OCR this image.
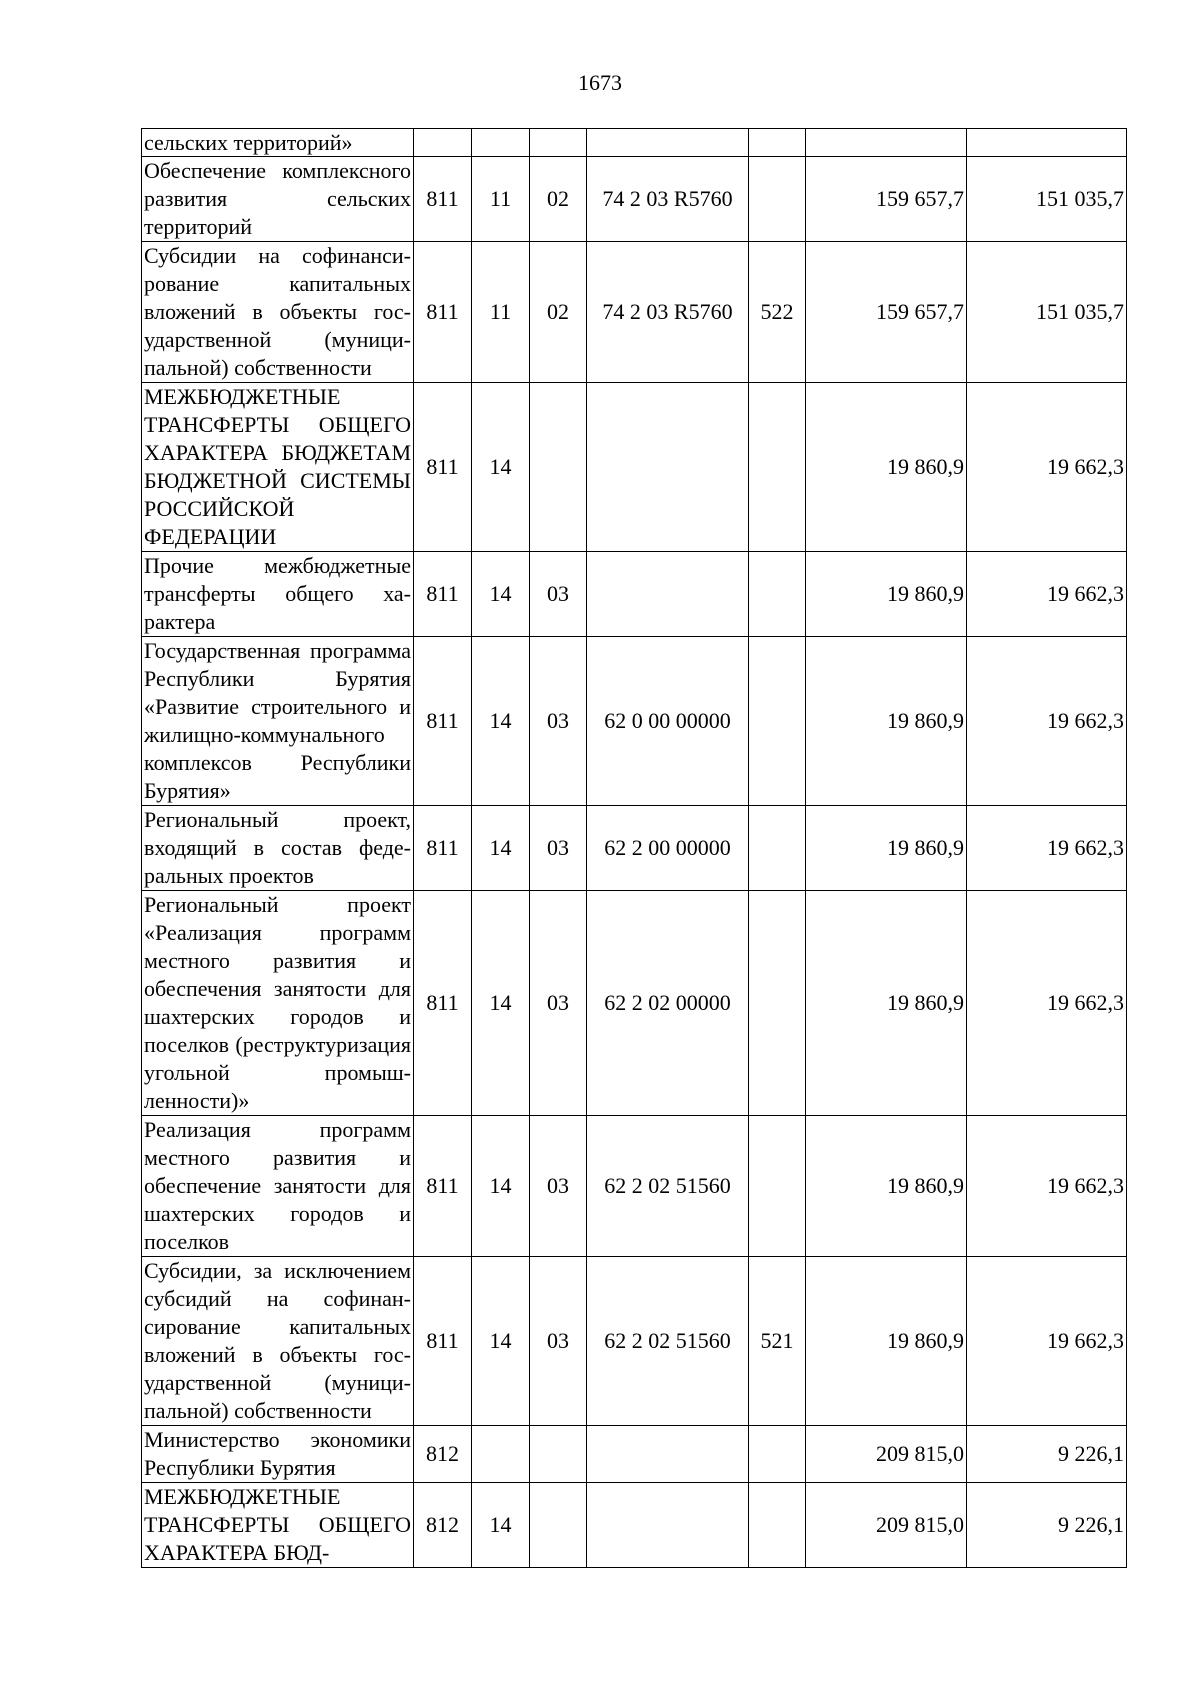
1673
сельских территорий»							
Обеспечение комплексного развития сельских территорий	811	11	02	74 2 03 R5760		159 657,7	151 035,7
Субсидии на софинансирование капитальных вложений в объекты государственной (муниципальной) собственности	811	11	02	74 2 03 R5760	522	159 657,7	151 035,7
МЕЖБЮДЖЕТНЫЕ ТРАНСФЕРТЫ ОБЩЕГО ХАРАКТЕРА БЮДЖЕТАМ БЮДЖЕТНОЙ СИСТЕМЫ РОССИЙСКОЙ ФЕДЕРАЦИИ	811	14				19 860,9	19 662,3
Прочие межбюджетные трансферты общего характера	811	14	03			19 860,9	19 662,3
Государственная программа Республики Бурятия «Развитие строительного и жилищно-коммунального комплексов Республики Бурятия»	811	14	03	62 0 00 00000		19 860,9	19 662,3
Региональный проект, входящий в состав федеральных проектов	811	14	03	62 2 00 00000		19 860,9	19 662,3
Региональный проект «Реализация программ местного развития и обеспечения занятости для шахтерских городов и поселков (реструктуризация угольной промышленности)»	811	14	03	62 2 02 00000		19 860,9	19 662,3
Реализация программ местного развития и обеспечение занятости для шахтерских городов и поселков	811	14	03	62 2 02 51560		19 860,9	19 662,3
Субсидии, за исключением субсидий на софинансирование капитальных вложений в объекты государственной (муниципальной) собственности	811	14	03	62 2 02 51560	521	19 860,9	19 662,3
Министерство экономики Республики Бурятия	812					209 815,0	9 226,1
МЕЖБЮДЖЕТНЫЕ ТРАНСФЕРТЫ ОБЩЕГО ХАРАКТЕРА БЮД-	812	14				209 815,0	9 226,1
